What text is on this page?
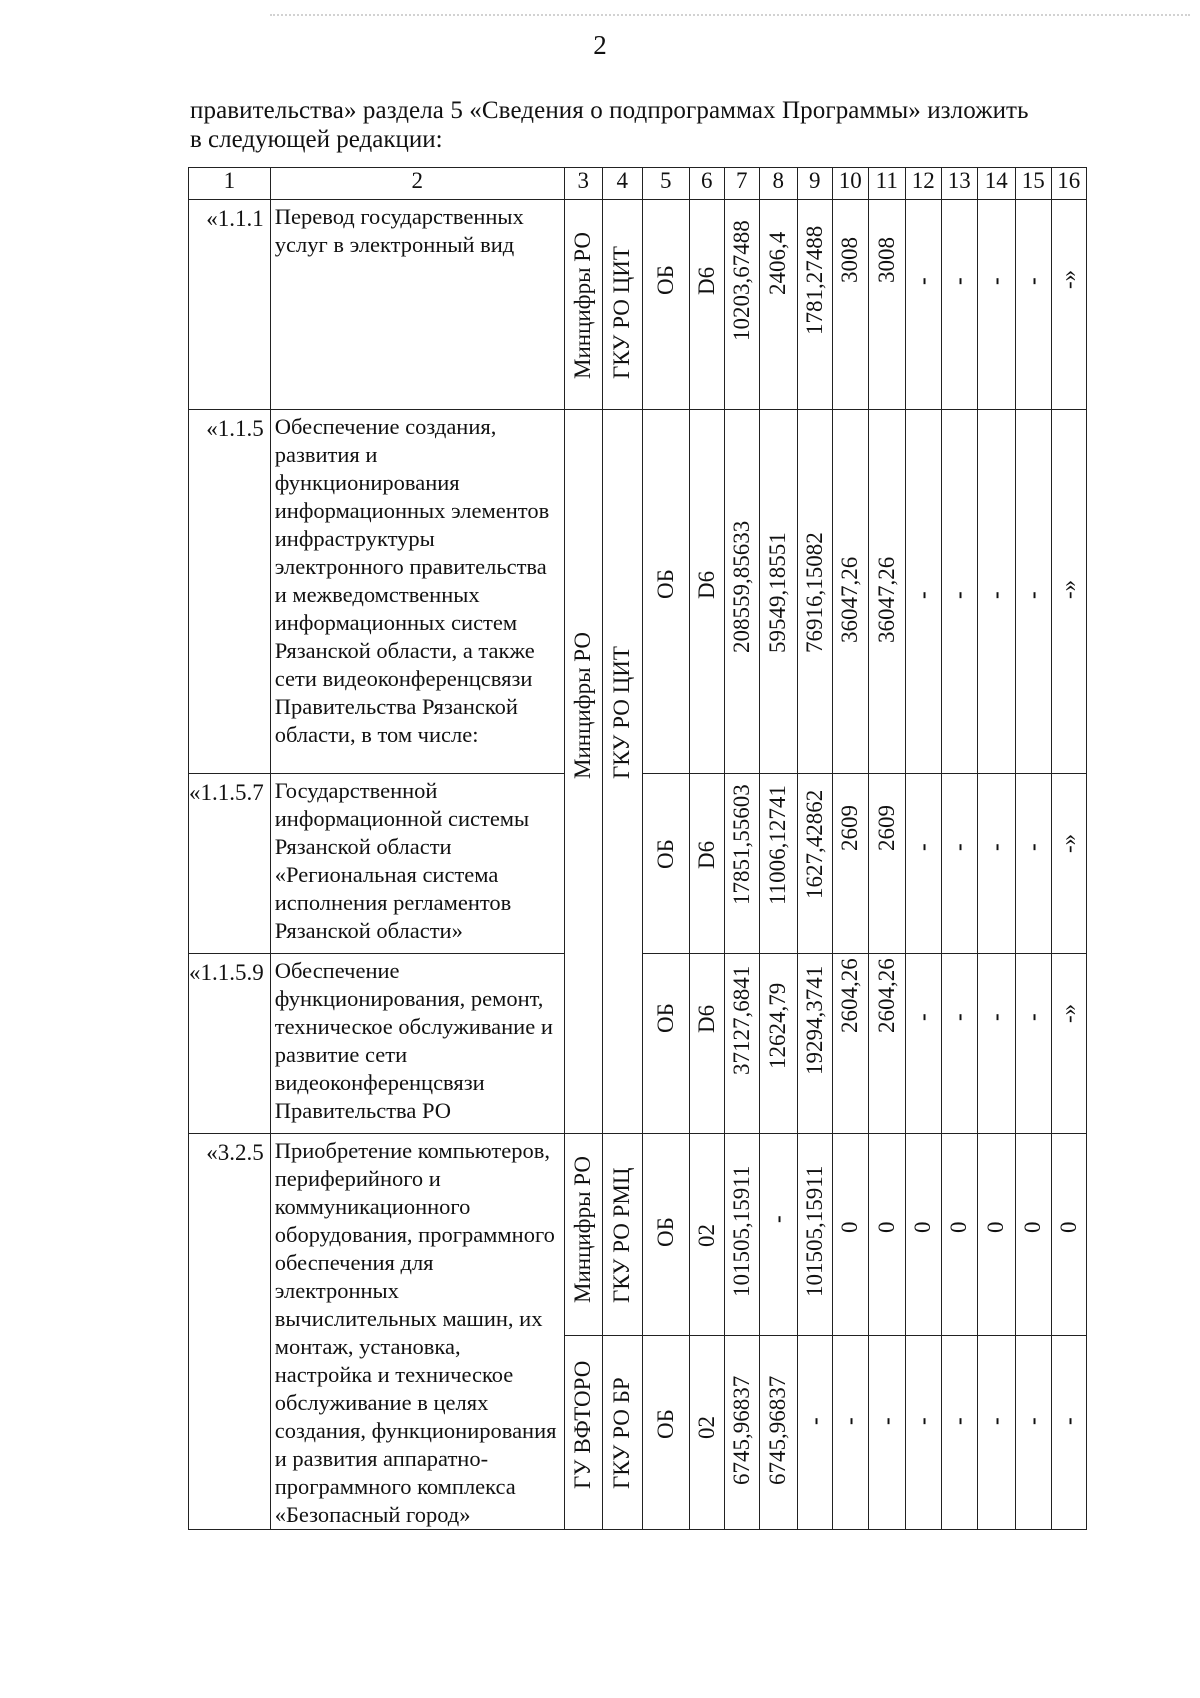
2
правительства» раздела 5 «Сведения о подпрограммах Программы» изложить
в следующей редакции:
1	2	3	4	5	6	7	8	9	10	11	12	13	14	15	16
«1.1.1	Перевод государственных услуг в электронный вид	Минцифры РО	ГКУ РО ЦИТ	ОБ	D6	10203,67488	2406,4	1781,27488	3008	3008	-	-	-	-	-»

«1.1.5	Обеспечение создания, развития и функционирования информационных элементов инфраструктуры электронного правительства и межведомственных информационных систем Рязанской области, а также сети видеоконференцсвязи Правительства Рязанской области, в том числе:	Минцифры РО	ГКУ РО ЦИТ	ОБ	D6	208559,85633	59549,18551	76916,15082	36047,26	36047,26	-	-	-	-	-»

«1.1.5.7	Государственной информационной системы Рязанской области «Региональная система исполнения регламентов Рязанской области»			ОБ	D6	17851,55603	11006,12741	1627,42862	2609	2609	-	-	-	-	-»

«1.1.5.9	Обеспечение функционирования, ремонт, техническое обслуживание и развитие сети видеоконференцсвязи Правительства РО			ОБ	D6	37127,6841	12624,79	19294,3741	2604,26	2604,26	-	-	-	-	-»

«3.2.5	Приобретение компьютеров, периферийного и коммуникационного оборудования, программного обеспечения для электронных вычислительных машин, их монтаж, установка, настройка и техническое обслуживание в целях создания, функционирования и развития аппаратно-программного комплекса «Безопасный город»	Минцифры РО	ГКУ РО РМЦ	ОБ	02	101505,15911	-	101505,15911	0	0	0	0	0	0	0

		ГУ ВФТОРО	ГКУ РО БР	ОБ	02	6745,96837	6745,96837	-	-	-	-	-	-	-	-
